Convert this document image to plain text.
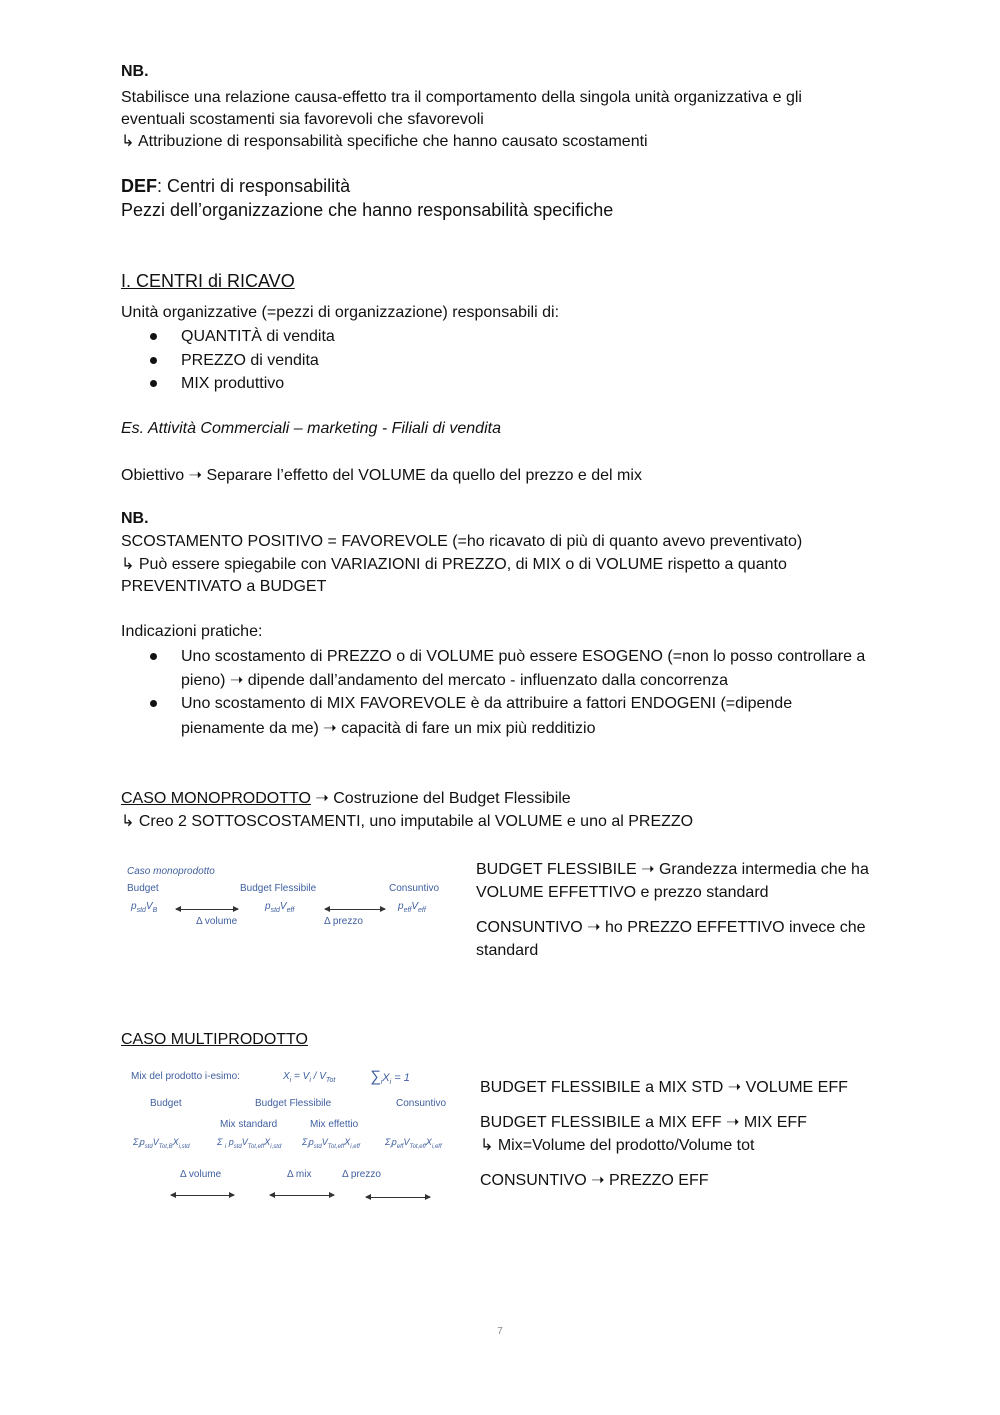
NB.
Stabilisce una relazione causa-effetto tra il comportamento della singola unità organizzativa e gli
eventuali scostamenti sia favorevoli che sfavorevoli
↳ Attribuzione di responsabilità specifiche che hanno causato scostamenti
DEF: Centri di responsabilità
Pezzi dell’organizzazione che hanno responsabilità specifiche
I. CENTRI di RICAVO
Unità organizzative (=pezzi di organizzazione) responsabili di:
QUANTITÀ di vendita
PREZZO di vendita
MIX produttivo
Es. Attività Commerciali – marketing - Filiali di vendita
Obiettivo ➝ Separare l’effetto del VOLUME da quello del prezzo e del mix
NB.
SCOSTAMENTO POSITIVO = FAVOREVOLE (=ho ricavato di più di quanto avevo preventivato)
↳ Può essere spiegabile con VARIAZIONI di PREZZO, di MIX o di VOLUME rispetto a quanto
PREVENTIVATO a BUDGET
Indicazioni pratiche:
Uno scostamento di PREZZO o di VOLUME può essere ESOGENO (=non lo posso controllare a
pieno) ➝ dipende dall’andamento del mercato - influenzato dalla concorrenza
Uno scostamento di MIX FAVOREVOLE è da attribuire a fattori ENDOGENI (=dipende
pienamente da me) ➝ capacità di fare un mix più redditizio
CASO MONOPRODOTTO ➝ Costruzione del Budget Flessibile
↳ Creo 2 SOTTOSCOSTAMENTI, uno imputabile al VOLUME e uno al PREZZO
Caso monoprodotto
Budget	Budget Flessibile	Consuntivo
$p_{std}V_B$	$p_{std}V_{eff}$	$p_{eff}V_{eff}$
Δ volume	Δ prezzo
BUDGET FLESSIBILE ➝ Grandezza intermedia che ha
VOLUME EFFETTIVO e prezzo standard
CONSUNTIVO ➝ ho PREZZO EFFETTIVO invece che
standard
CASO MULTIPRODOTTO
Mix del prodotto i-esimo:	$X_i = V_i / V_{Tot}$ $\sum_iX_i = 1$
Budget	Budget Flessibile	Consuntivo
Mix standard	Mix effettio
$\Sigma_ip_{std}V_{Tot,B}X_{i,std}$	Σ $_i$ $p_{std}V_{Tot,eff}X_{i,std}$ $\Sigma_ip_{std}V_{Tot,eff}X_{i,eff}$	$\Sigma_ip_{eff}V_{Tot,eff}X_{i,eff}$
Δ volume	Δ mix	Δ prezzo
BUDGET FLESSIBILE a MIX STD ➝ VOLUME EFF
BUDGET FLESSIBILE a MIX EFF ➝ MIX EFF
↳ Mix=Volume del prodotto/Volume tot
CONSUNTIVO ➝ PREZZO EFF
7
